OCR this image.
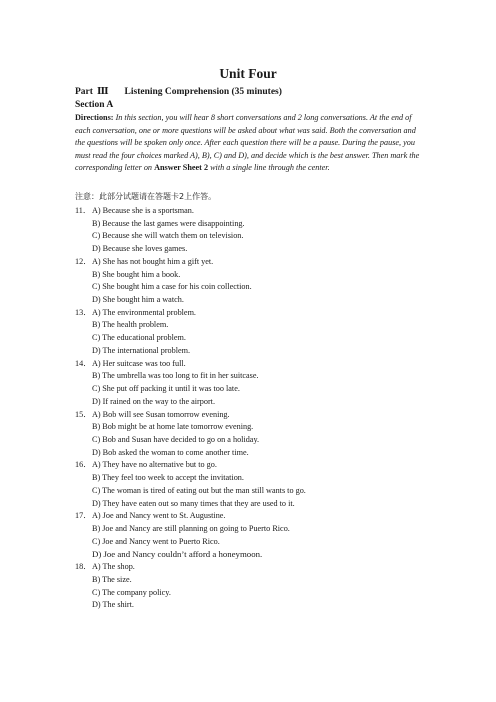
Unit Four
Part Ⅲ Listening Comprehension (35 minutes)
Section A
Directions: In this section, you will hear 8 short conversations and 2 long conversations. At the end of each conversation, one or more questions will be asked about what was said. Both the conversation and the questions will be spoken only once. After each question there will be a pause. During the pause, you must read the four choices marked A), B), C) and D), and decide which is the best answer. Then mark the corresponding letter on Answer Sheet 2 with a single line through the center.
注意：此部分试题请在答题卡2上作答。
11． A) Because she is a sportsman.
B) Because the last games were disappointing.
C) Because she will watch them on television.
D) Because she loves games.
12． A) She has not bought him a gift yet.
B) She bought him a book.
C) She bought him a case for his coin collection.
D) She bought him a watch.
13． A) The environmental problem.
B) The health problem.
C) The educational problem.
D) The international problem.
14． A) Her suitcase was too full.
B) The umbrella was too long to fit in her suitcase.
C) She put off packing it until it was too late.
D) If rained on the way to the airport.
15． A) Bob will see Susan tomorrow evening.
B) Bob might be at home late tomorrow evening.
C) Bob and Susan have decided to go on a holiday.
D) Bob asked the woman to come another time.
16． A) They have no alternative but to go.
B) They feel too week to accept the invitation.
C) The woman is tired of eating out but the man still wants to go.
D) They have eaten out so many times that they are used to it.
17． A) Joe and Nancy went to St. Augustine.
B) Joe and Nancy are still planning on going to Puerto Rico.
C) Joe and Nancy went to Puerto Rico.
D) Joe and Nancy couldn’t afford a honeymoon.
18． A) The shop.
B) The size.
C) The company policy.
D) The shirt.
